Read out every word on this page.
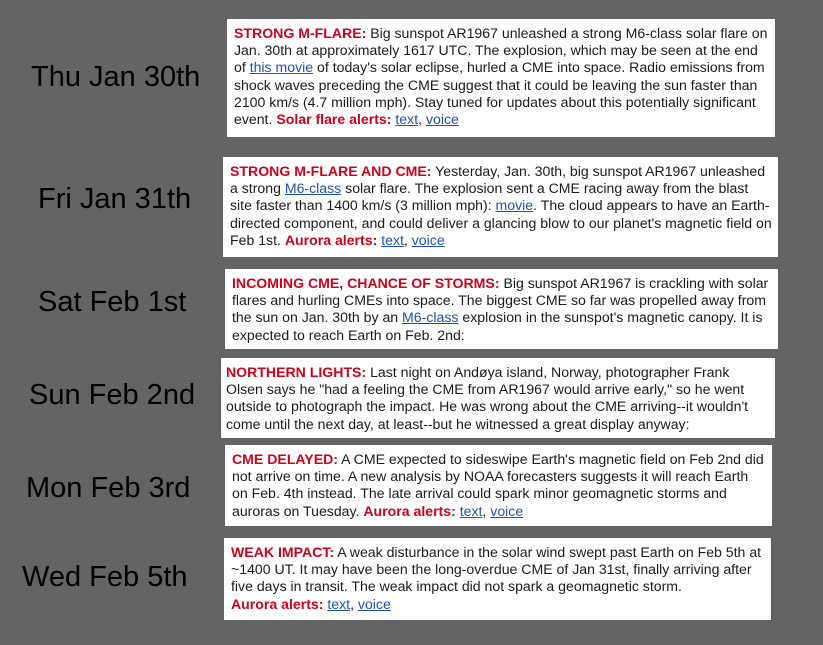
Thu Jan 30th
STRONG M-FLARE: Big sunspot AR1967 unleashed a strong M6-class solar flare on Jan. 30th at approximately 1617 UTC. The explosion, which may be seen at the end of this movie of today's solar eclipse, hurled a CME into space. Radio emissions from shock waves preceding the CME suggest that it could be leaving the sun faster than 2100 km/s (4.7 million mph). Stay tuned for updates about this potentially significant event. Solar flare alerts: text, voice
Fri Jan 31th
STRONG M-FLARE AND CME: Yesterday, Jan. 30th, big sunspot AR1967 unleashed a strong M6-class solar flare. The explosion sent a CME racing away from the blast site faster than 1400 km/s (3 million mph): movie. The cloud appears to have an Earth-directed component, and could deliver a glancing blow to our planet's magnetic field on Feb 1st. Aurora alerts: text, voice
Sat Feb 1st
INCOMING CME, CHANCE OF STORMS: Big sunspot AR1967 is crackling with solar flares and hurling CMEs into space. The biggest CME so far was propelled away from the sun on Jan. 30th by an M6-class explosion in the sunspot's magnetic canopy. It is expected to reach Earth on Feb. 2nd:
Sun Feb 2nd
NORTHERN LIGHTS: Last night on Andøya island, Norway, photographer Frank Olsen says he "had a feeling the CME from AR1967 would arrive early," so he went outside to photograph the impact. He was wrong about the CME arriving--it wouldn't come until the next day, at least--but he witnessed a great display anyway:
Mon Feb 3rd
CME DELAYED: A CME expected to sideswipe Earth's magnetic field on Feb 2nd did not arrive on time. A new analysis by NOAA forecasters suggests it will reach Earth on Feb. 4th instead. The late arrival could spark minor geomagnetic storms and auroras on Tuesday. Aurora alerts: text, voice
Wed Feb 5th
WEAK IMPACT: A weak disturbance in the solar wind swept past Earth on Feb 5th at ~1400 UT. It may have been the long-overdue CME of Jan 31st, finally arriving after five days in transit. The weak impact did not spark a geomagnetic storm.
Aurora alerts: text, voice
